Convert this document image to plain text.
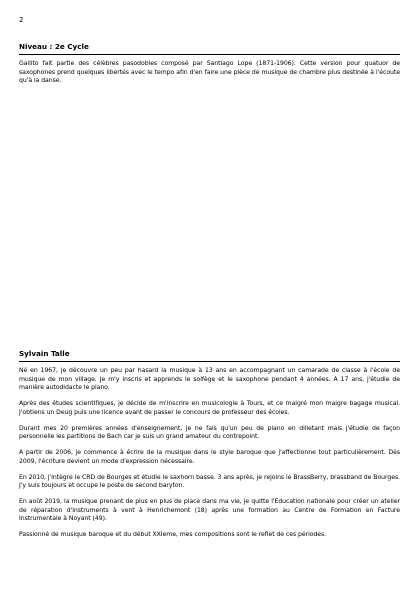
2
Niveau : 2e Cycle

Gallito fait partie des célèbres pasodobles composé par Santiago Lope (1871-1906). Cette version pour quatuor de saxophones prend quelques libertés avec le tempo afin d'en faire une pièce de musique de chambre plus destinée à l'écoute qu'à la danse.

Sylvain Talle

Né en 1967, je découvre un peu par hasard la musique à 13 ans en accompagnant un camarade de classe à l'école de musique de mon village. Je m'y inscris et apprends le solfège et le saxophone pendant 4 années. A 17 ans, j'étudie de manière autodidacte le piano.

Après des études scientifiques, je décide de m'inscrire en musicologie à Tours, et ce malgré mon maigre bagage musical. J'obtiens un Deug puis une licence avant de passer le concours de professeur des écoles.

Durant mes 20 premières années d'enseignement, je ne fais qu'un peu de piano en dilletant mais j'étudie de façon personnelle les partitions de Bach car je suis un grand amateur du contrepoint.

A partir de 2006, je commence à écrire de la musique dans le style baroque que j'affectionne tout particulièrement. Dès 2009, l'écriture devient un mode d'expression nécessaire.

En 2010, j'intègre le CRD de Bourges et étudie le saxhorn basse. 3 ans après, je rejoins le BrassBerry, brassband de Bourges. J'y suis toujours et occupe le poste de second baryton.

En août 2019, la musique prenant de plus en plus de place dans ma vie, je quitte l'Education nationale pour créer un atelier de réparation d'instruments à vent à Henrichemont (18) après une formation au Centre de Formation en Facture Instrumentale à Noyant (49).

Passionné de musique baroque et du début XXIeme, mes compositions sont le reflet de ces périodes.
